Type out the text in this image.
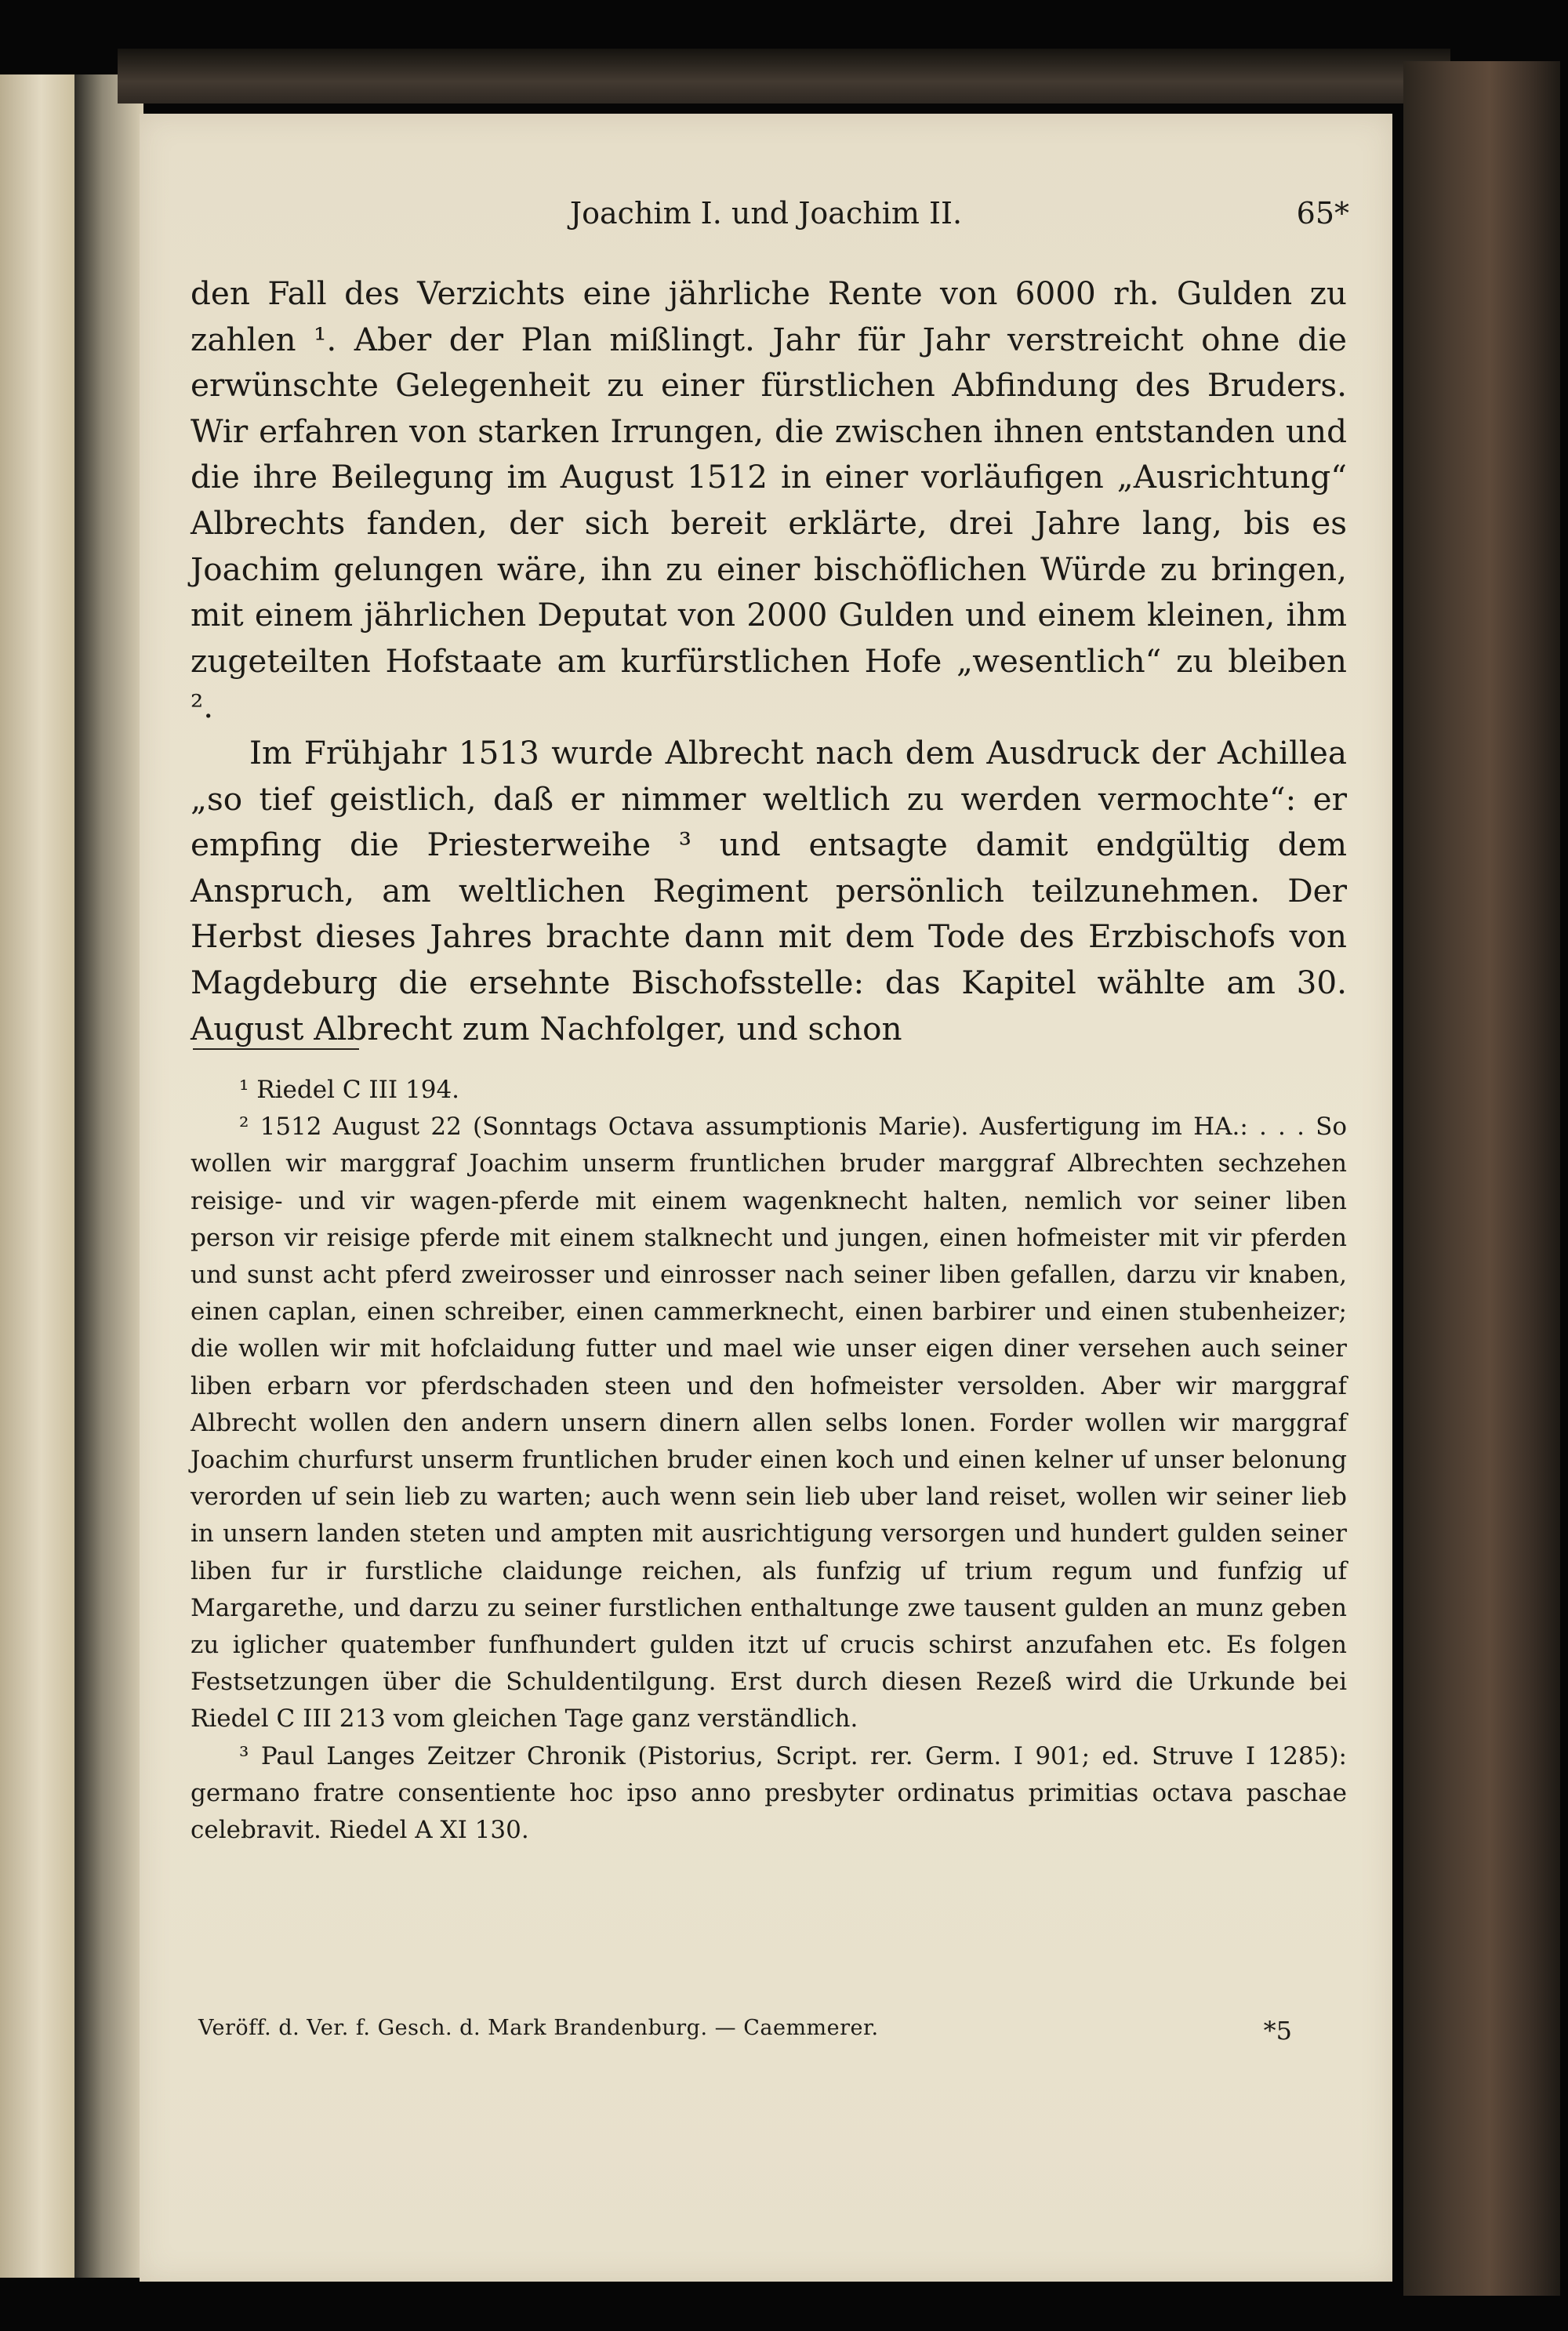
Joachim I. und Joachim II.	65*

den Fall des Verzichts eine jährliche Rente von 6000 rh. Gulden zu zahlen ¹. Aber der Plan mißlingt. Jahr für Jahr verstreicht ohne die erwünschte Gelegenheit zu einer fürstlichen Abfindung des Bruders. Wir erfahren von starken Irrungen, die zwischen ihnen entstanden und die ihre Beilegung im August 1512 in einer vorläufigen „Ausrichtung“ Albrechts fanden, der sich bereit erklärte, drei Jahre lang, bis es Joachim gelungen wäre, ihn zu einer bischöflichen Würde zu bringen, mit einem jährlichen Deputat von 2000 Gulden und einem kleinen, ihm zugeteilten Hofstaate am kurfürstlichen Hofe „wesentlich“ zu bleiben ².

Im Frühjahr 1513 wurde Albrecht nach dem Ausdruck der Achillea „so tief geistlich, daß er nimmer weltlich zu werden vermochte“: er empfing die Priesterweihe ³ und entsagte damit endgültig dem Anspruch, am weltlichen Regiment persönlich teilzunehmen. Der Herbst dieses Jahres brachte dann mit dem Tode des Erzbischofs von Magdeburg die ersehnte Bischofsstelle: das Kapitel wählte am 30. August Albrecht zum Nachfolger, und schon

¹ Riedel C III 194.

² 1512 August 22 (Sonntags Octava assumptionis Marie). Ausfertigung im HA.: . . . So wollen wir marggraf Joachim unserm fruntlichen bruder marggraf Albrechten sechzehen reisige- und vir wagen-pferde mit einem wagenknecht halten, nemlich vor seiner liben person vir reisige pferde mit einem stalknecht und jungen, einen hofmeister mit vir pferden und sunst acht pferd zweirosser und einrosser nach seiner liben gefallen, darzu vir knaben, einen caplan, einen schreiber, einen cammerknecht, einen barbirer und einen stubenheizer; die wollen wir mit hofclaidung futter und mael wie unser eigen diner versehen auch seiner liben erbarn vor pferdschaden steen und den hofmeister versolden. Aber wir marggraf Albrecht wollen den andern unsern dinern allen selbs lonen. Forder wollen wir marggraf Joachim churfurst unserm fruntlichen bruder einen koch und einen kelner uf unser belonung verorden uf sein lieb zu warten; auch wenn sein lieb uber land reiset, wollen wir seiner lieb in unsern landen steten und ampten mit ausrichtigung versorgen und hundert gulden seiner liben fur ir furstliche claidunge reichen, als funfzig uf trium regum und funfzig uf Margarethe, und darzu zu seiner furstlichen enthaltunge zwe tausent gulden an munz geben zu iglicher quatember funfhundert gulden itzt uf crucis schirst anzufahen etc. Es folgen Festsetzungen über die Schuldentilgung. Erst durch diesen Rezeß wird die Urkunde bei Riedel C III 213 vom gleichen Tage ganz verständlich.

³ Paul Langes Zeitzer Chronik (Pistorius, Script. rer. Germ. I 901; ed. Struve I 1285): germano fratre consentiente hoc ipso anno presbyter ordinatus primitias octava paschae celebravit. Riedel A XI 130.

Veröff. d. Ver. f. Gesch. d. Mark Brandenburg. — Caemmerer.	*5
